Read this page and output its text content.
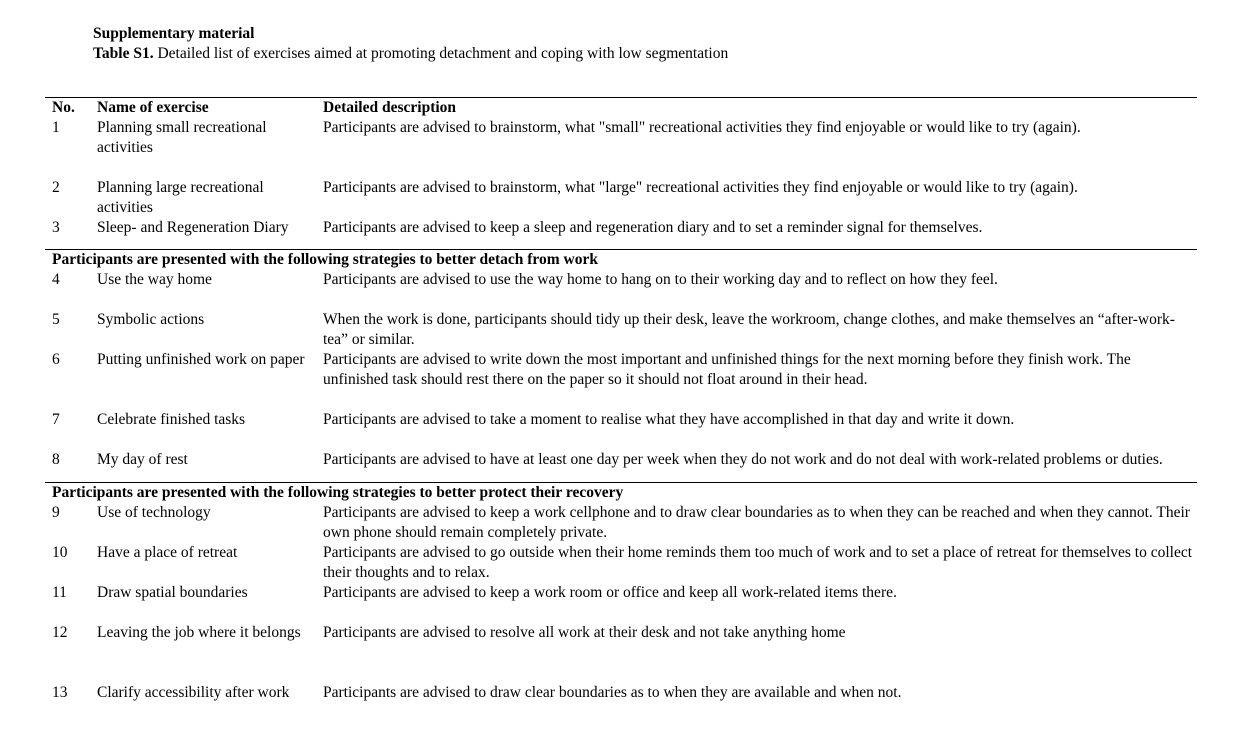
Supplementary material
Table S1. Detailed list of exercises aimed at promoting detachment and coping with low segmentation
No.	Name of exercise	Detailed description
1	Planning small recreational activities	Participants are advised to brainstorm, what "small" recreational activities they find enjoyable or would like to try (again).
2	Planning large recreational activities	Participants are advised to brainstorm, what "large" recreational activities they find enjoyable or would like to try (again).
3	Sleep- and Regeneration Diary	Participants are advised to keep a sleep and regeneration diary and to set a reminder signal for themselves.
Participants are presented with the following strategies to better detach from work		
4	Use the way home	Participants are advised to use the way home to hang on to their working day and to reflect on how they feel.
5	Symbolic actions	When the work is done, participants should tidy up their desk, leave the workroom, change clothes, and make themselves an “after-work-tea” or similar.
6	Putting unfinished work on paper	Participants are advised to write down the most important and unfinished things for the next morning before they finish work. The unfinished task should rest there on the paper so it should not float around in their head.
7	Celebrate finished tasks	Participants are advised to take a moment to realise what they have accomplished in that day and write it down.
8	My day of rest	Participants are advised to have at least one day per week when they do not work and do not deal with work-related problems or duties.
Participants are presented with the following strategies to better protect their recovery		
9	Use of technology	Participants are advised to keep a work cellphone and to draw clear boundaries as to when they can be reached and when they cannot. Their own phone should remain completely private.
10	Have a place of retreat	Participants are advised to go outside when their home reminds them too much of work and to set a place of retreat for themselves to collect their thoughts and to relax.
11	Draw spatial boundaries	Participants are advised to keep a work room or office and keep all work-related items there.
12	Leaving the job where it belongs	Participants are advised to resolve all work at their desk and not take anything home
13	Clarify accessibility after work	Participants are advised to draw clear boundaries as to when they are available and when not.
